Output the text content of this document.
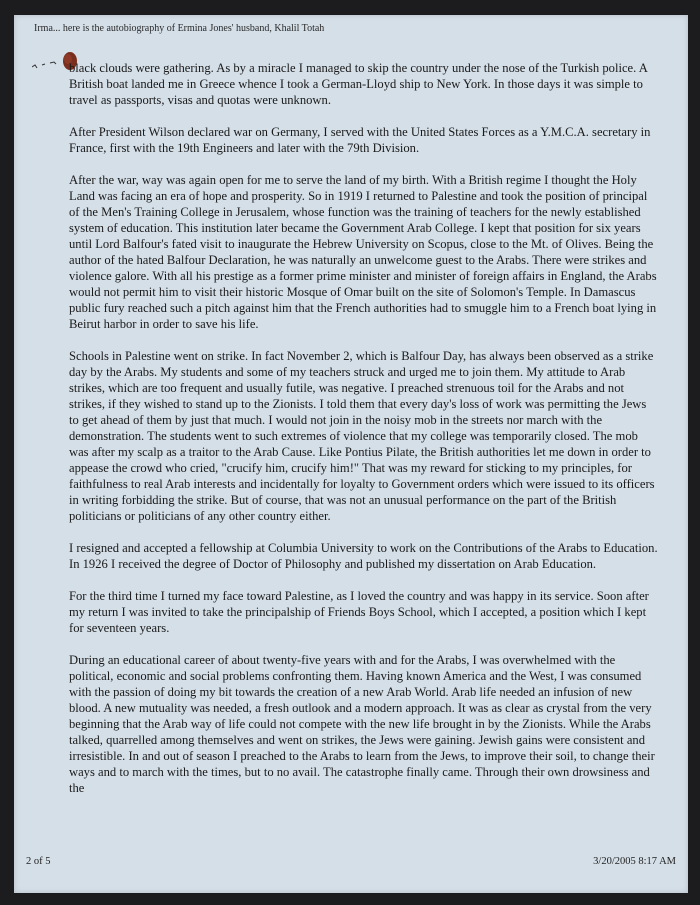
Irma... here is the autobiography of Ermina Jones' husband, Khalil Totah

black clouds were gathering. As by a miracle I managed to skip the country under the nose of the Turkish police. A British boat landed me in Greece whence I took a German-Lloyd ship to New York. In those days it was simple to travel as passports, visas and quotas were unknown.

After President Wilson declared war on Germany, I served with the United States Forces as a Y.M.C.A. secretary in France, first with the 19th Engineers and later with the 79th Division.

After the war, way was again open for me to serve the land of my birth. With a British regime I thought the Holy Land was facing an era of hope and prosperity. So in 1919 I returned to Palestine and took the position of principal of the Men's Training College in Jerusalem, whose function was the training of teachers for the newly established system of education. This institution later became the Government Arab College. I kept that position for six years until Lord Balfour's fated visit to inaugurate the Hebrew University on Scopus, close to the Mt. of Olives. Being the author of the hated Balfour Declaration, he was naturally an unwelcome guest to the Arabs. There were strikes and violence galore. With all his prestige as a former prime minister and minister of foreign affairs in England, the Arabs would not permit him to visit their historic Mosque of Omar built on the site of Solomon's Temple. In Damascus public fury reached such a pitch against him that the French authorities had to smuggle him to a French boat lying in Beirut harbor in order to save his life.

Schools in Palestine went on strike. In fact November 2, which is Balfour Day, has always been observed as a strike day by the Arabs. My students and some of my teachers struck and urged me to join them. My attitude to Arab strikes, which are too frequent and usually futile, was negative. I preached strenuous toil for the Arabs and not strikes, if they wished to stand up to the Zionists. I told them that every day's loss of work was permitting the Jews to get ahead of them by just that much. I would not join in the noisy mob in the streets nor march with the demonstration. The students went to such extremes of violence that my college was temporarily closed. The mob was after my scalp as a traitor to the Arab Cause. Like Pontius Pilate, the British authorities let me down in order to appease the crowd who cried, "crucify him, crucify him!" That was my reward for sticking to my principles, for faithfulness to real Arab interests and incidentally for loyalty to Government orders which were issued to its officers in writing forbidding the strike. But of course, that was not an unusual performance on the part of the British politicians or politicians of any other country either.

I resigned and accepted a fellowship at Columbia University to work on the Contributions of the Arabs to Education. In 1926 I received the degree of Doctor of Philosophy and published my dissertation on Arab Education.

For the third time I turned my face toward Palestine, as I loved the country and was happy in its service. Soon after my return I was invited to take the principalship of Friends Boys School, which I accepted, a position which I kept for seventeen years.

During an educational career of about twenty-five years with and for the Arabs, I was overwhelmed with the political, economic and social problems confronting them. Having known America and the West, I was consumed with the passion of doing my bit towards the creation of a new Arab World. Arab life needed an infusion of new blood. A new mutuality was needed, a fresh outlook and a modern approach. It was as clear as crystal from the very beginning that the Arab way of life could not compete with the new life brought in by the Zionists. While the Arabs talked, quarrelled among themselves and went on strikes, the Jews were gaining. Jewish gains were consistent and irresistible. In and out of season I preached to the Arabs to learn from the Jews, to improve their soil, to change their ways and to march with the times, but to no avail. The catastrophe finally came. Through their own drowsiness and the

2 of 5	3/20/2005 8:17 AM
